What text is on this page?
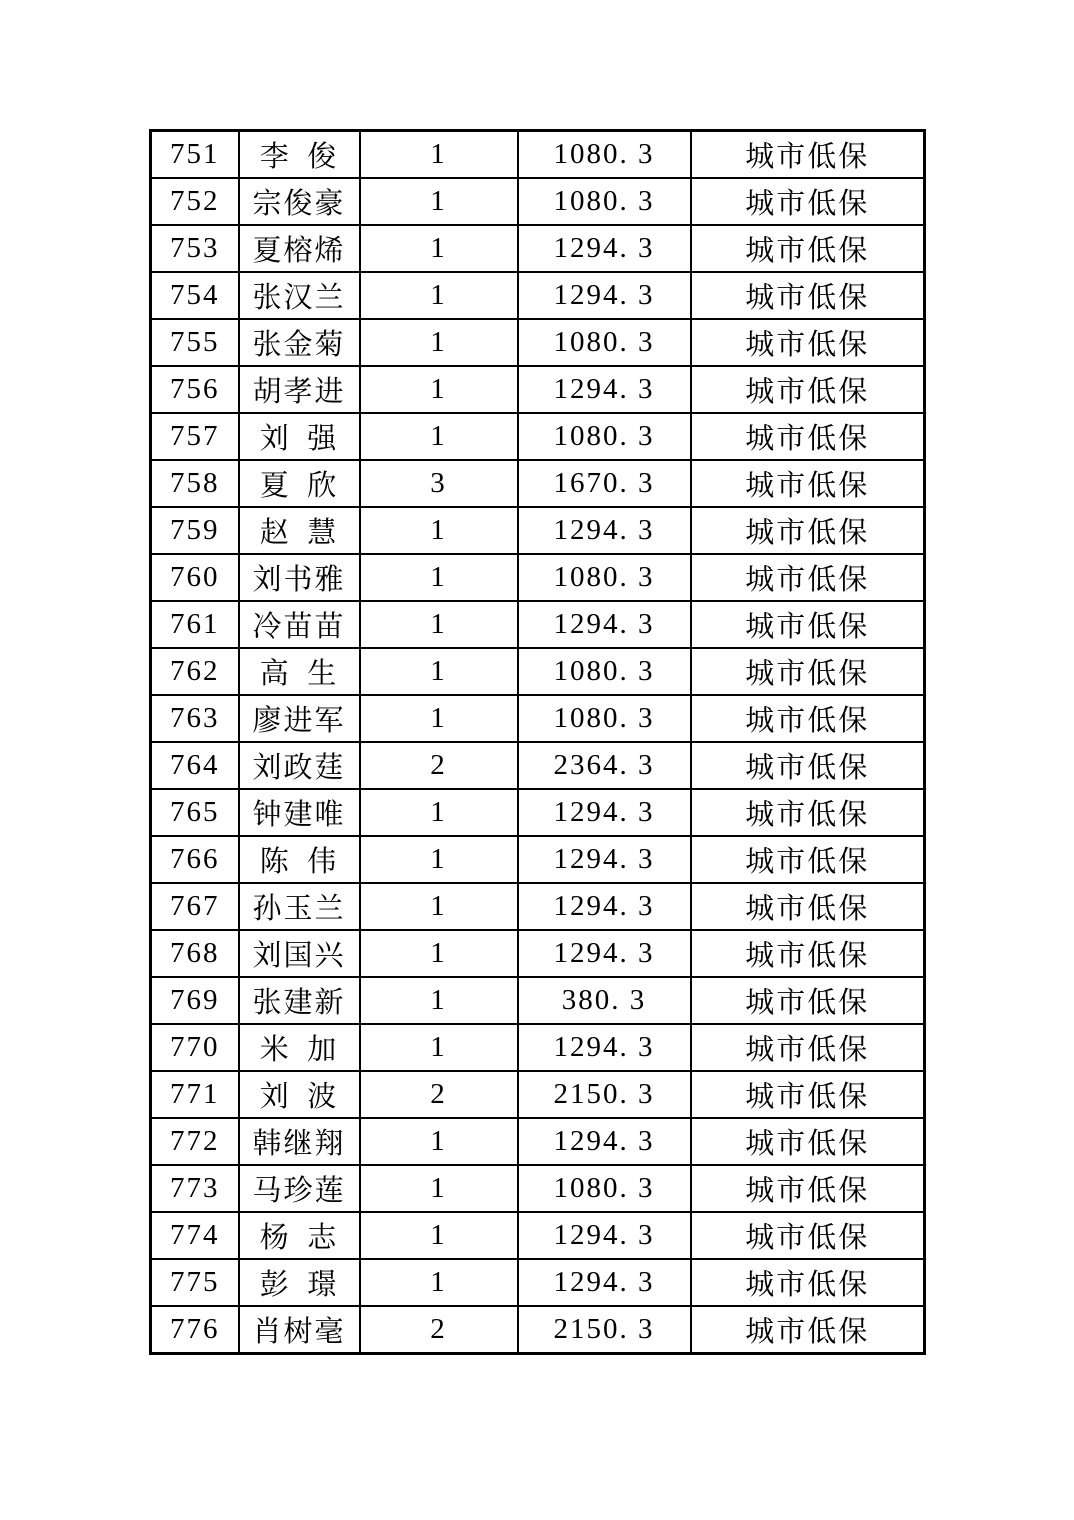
751	李 俊	1	1080. 3	城市低保
752	宗俊豪	1	1080. 3	城市低保
753	夏榕烯	1	1294. 3	城市低保
754	张汉兰	1	1294. 3	城市低保
755	张金菊	1	1080. 3	城市低保
756	胡孝进	1	1294. 3	城市低保
757	刘 强	1	1080. 3	城市低保
758	夏 欣	3	1670. 3	城市低保
759	赵 慧	1	1294. 3	城市低保
760	刘书雅	1	1080. 3	城市低保
761	冷苗苗	1	1294. 3	城市低保
762	高 生	1	1080. 3	城市低保
763	廖进军	1	1080. 3	城市低保
764	刘政莛	2	2364. 3	城市低保
765	钟建唯	1	1294. 3	城市低保
766	陈 伟	1	1294. 3	城市低保
767	孙玉兰	1	1294. 3	城市低保
768	刘国兴	1	1294. 3	城市低保
769	张建新	1	380. 3	城市低保
770	米 加	1	1294. 3	城市低保
771	刘 波	2	2150. 3	城市低保
772	韩继翔	1	1294. 3	城市低保
773	马珍莲	1	1080. 3	城市低保
774	杨 志	1	1294. 3	城市低保
775	彭 璟	1	1294. 3	城市低保
776	肖树毫	2	2150. 3	城市低保
